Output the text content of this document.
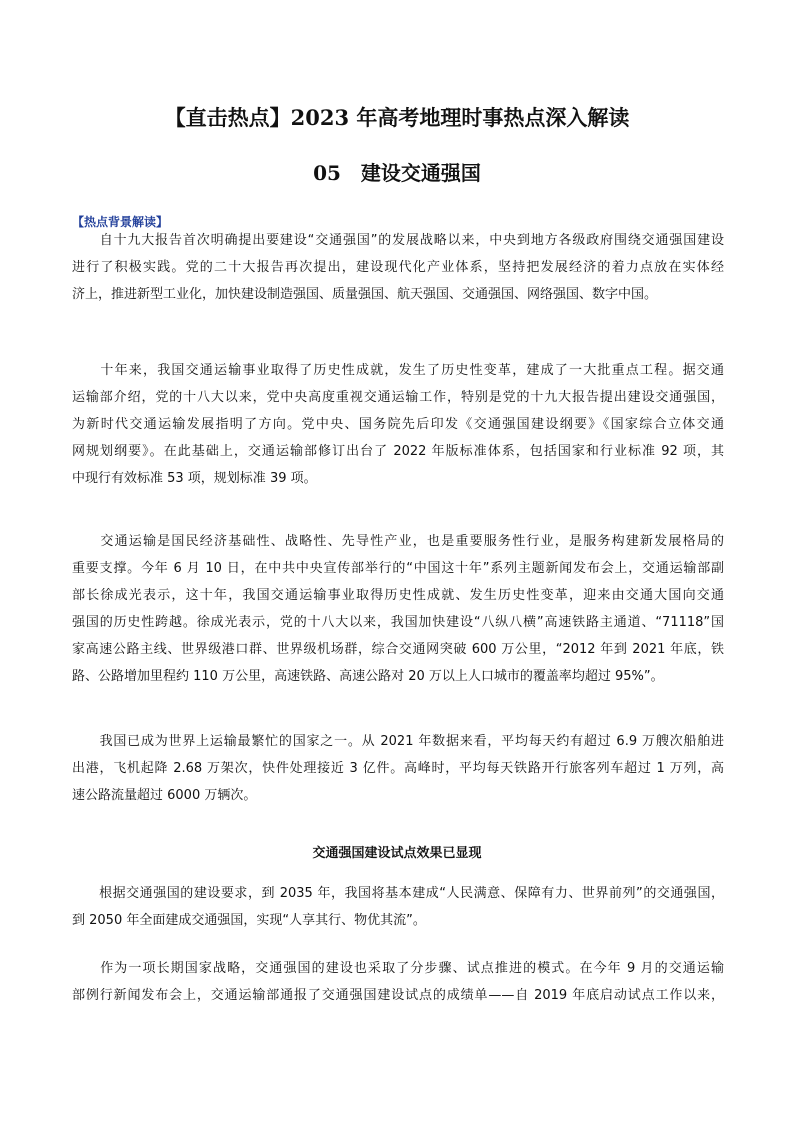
【直击热点】2023 年高考地理时事热点深入解读
05　建设交通强国
【热点背景解读】
　　自十九大报告首次明确提出要建设“交通强国”的发展战略以来，中央到地方各级政府围绕交通强国建设
进行了积极实践。党的二十大报告再次提出，建设现代化产业体系，坚持把发展经济的着力点放在实体经
济上，推进新型工业化，加快建设制造强国、质量强国、航天强国、交通强国、网络强国、数字中国。
　　十年来，我国交通运输事业取得了历史性成就，发生了历史性变革，建成了一大批重点工程。据交通
运输部介绍，党的十八大以来，党中央高度重视交通运输工作，特别是党的十九大报告提出建设交通强国，
为新时代交通运输发展指明了方向。党中央、国务院先后印发《交通强国建设纲要》《国家综合立体交通
网规划纲要》。在此基础上，交通运输部修订出台了 2022 年版标准体系，包括国家和行业标准 92 项，其
中现行有效标准 53 项，规划标准 39 项。
　　交通运输是国民经济基础性、战略性、先导性产业，也是重要服务性行业，是服务构建新发展格局的
重要支撑。今年 6 月 10 日，在中共中央宣传部举行的“中国这十年”系列主题新闻发布会上，交通运输部副
部长徐成光表示，这十年，我国交通运输事业取得历史性成就、发生历史性变革，迎来由交通大国向交通
强国的历史性跨越。徐成光表示，党的十八大以来，我国加快建设“八纵八横”高速铁路主通道、“71118”国
家高速公路主线、世界级港口群、世界级机场群，综合交通网突破 600 万公里，“2012 年到 2021 年底，铁
路、公路增加里程约 110 万公里，高速铁路、高速公路对 20 万以上人口城市的覆盖率均超过 95%”。
　　我国已成为世界上运输最繁忙的国家之一。从 2021 年数据来看，平均每天约有超过 6.9 万艘次船舶进
出港，飞机起降 2.68 万架次，快件处理接近 3 亿件。高峰时，平均每天铁路开行旅客列车超过 1 万列，高
速公路流量超过 6000 万辆次。
交通强国建设试点效果已显现
　　根据交通强国的建设要求，到 2035 年，我国将基本建成“人民满意、保障有力、世界前列”的交通强国，
到 2050 年全面建成交通强国，实现“人享其行、物优其流”。
　　作为一项长期国家战略，交通强国的建设也采取了分步骤、试点推进的模式。在今年 9 月的交通运输
部例行新闻发布会上，交通运输部通报了交通强国建设试点的成绩单——自 2019 年底启动试点工作以来，
